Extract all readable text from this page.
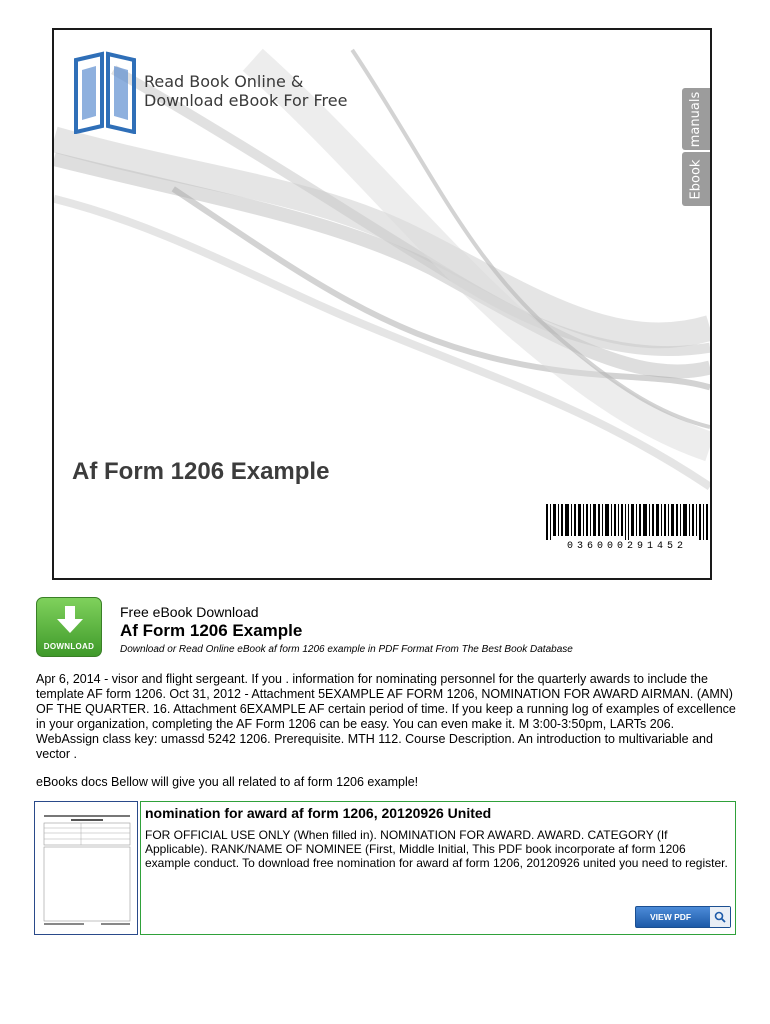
Read Book Online &
Download eBook For Free	manuals
Ebook
Af Form 1206 Example
036000291452
DOWNLOAD
Free eBook Download
Af Form 1206 Example
Download or Read Online eBook af form 1206 example in PDF Format From The Best Book Database
Apr 6, 2014 - visor and flight sergeant. If you . information for nominating personnel for the quarterly awards to include the template AF form 1206. Oct 31, 2012 - Attachment 5EXAMPLE AF FORM 1206, NOMINATION FOR AWARD AIRMAN. (AMN) OF THE QUARTER. 16. Attachment 6EXAMPLE AF certain period of time. If you keep a running log of examples of excellence in your organization, completing the AF Form 1206 can be easy. You can even make it. M 3:00-3:50pm, LARTs 206. WebAssign class key: umassd 5242 1206. Prerequisite. MTH 112. Course Description. An introduction to multivariable and vector .
eBooks docs Bellow will give you all related to af form 1206 example!
nomination for award af form 1206, 20120926 United
FOR OFFICIAL USE ONLY (When filled in). NOMINATION FOR AWARD. AWARD. CATEGORY (If Applicable). RANK/NAME OF NOMINEE (First, Middle Initial, This PDF book incorporate af form 1206 example conduct. To download free nomination for award af form 1206, 20120926 united you need to register.
VIEW PDF
